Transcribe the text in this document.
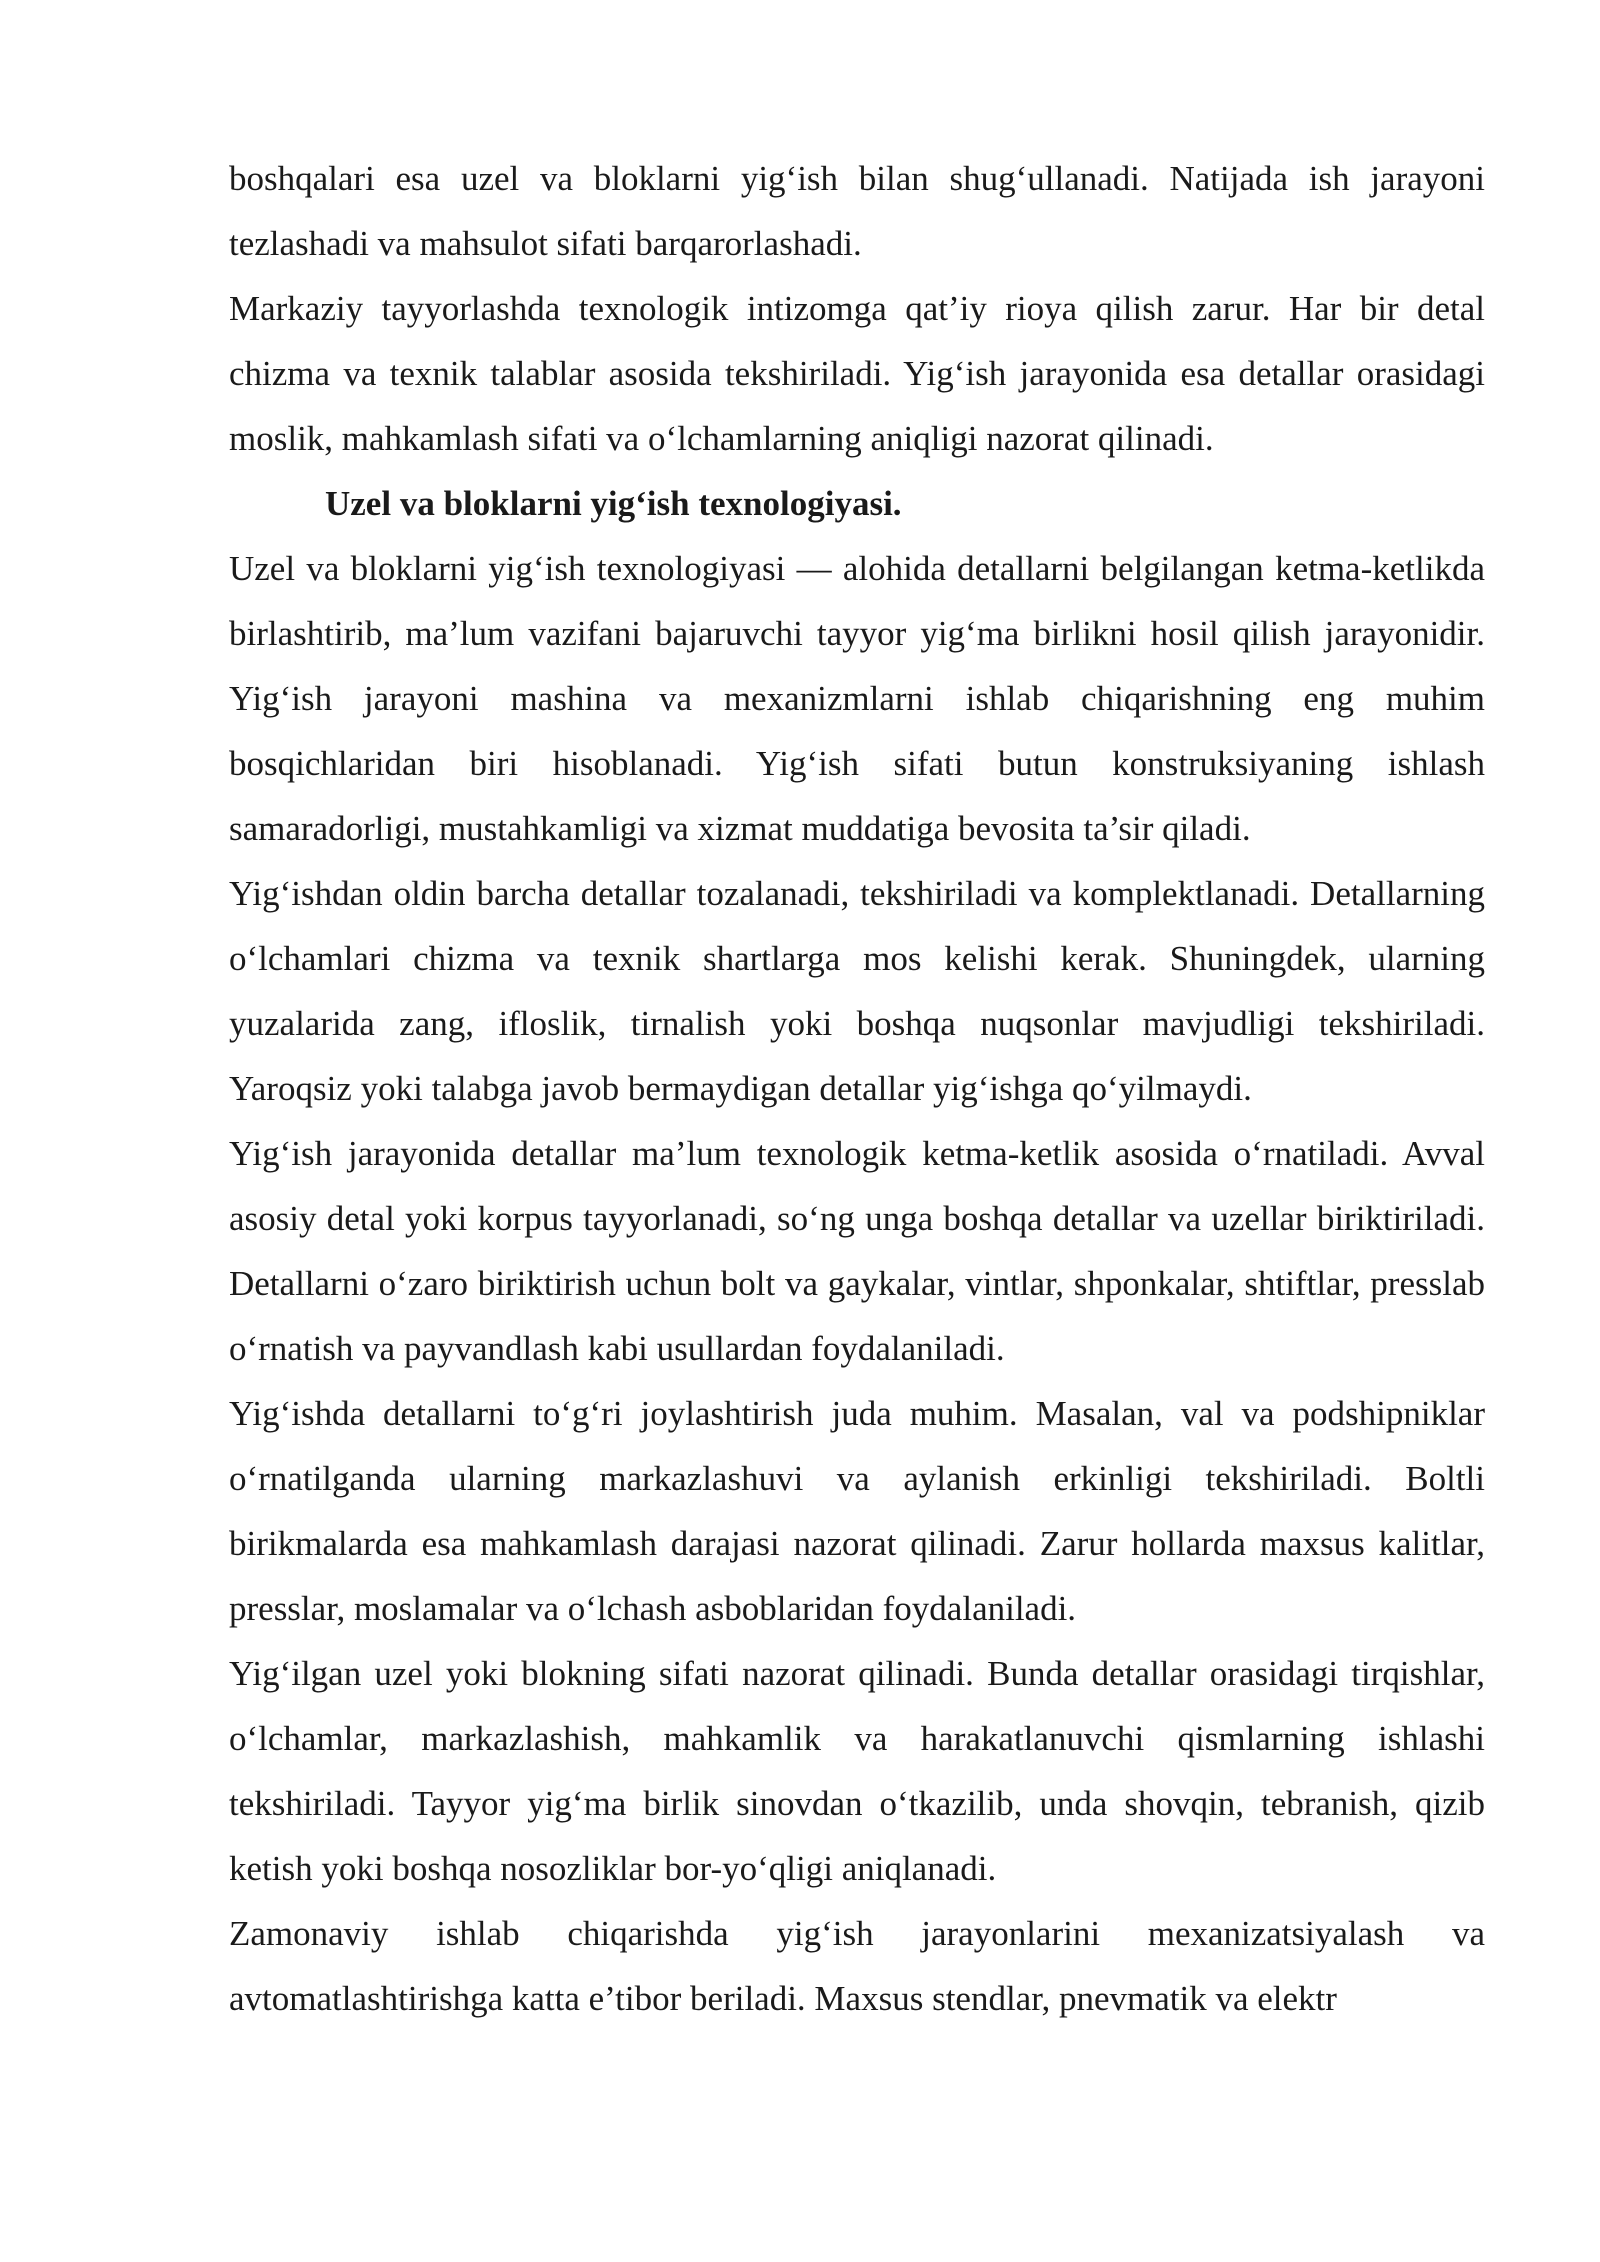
boshqalari esa uzel va bloklarni yig‘ish bilan shug‘ullanadi. Natijada ish jarayoni tezlashadi va mahsulot sifati barqarorlashadi.

Markaziy tayyorlashda texnologik intizomga qat’iy rioya qilish zarur. Har bir detal chizma va texnik talablar asosida tekshiriladi. Yig‘ish jarayonida esa detallar orasidagi moslik, mahkamlash sifati va o‘lchamlarning aniqligi nazorat qilinadi.

Uzel va bloklarni yig‘ish texnologiyasi.

Uzel va bloklarni yig‘ish texnologiyasi — alohida detallarni belgilangan ketma-ketlikda birlashtirib, ma’lum vazifani bajaruvchi tayyor yig‘ma birlikni hosil qilish jarayonidir. Yig‘ish jarayoni mashina va mexanizmlarni ishlab chiqarishning eng muhim bosqichlaridan biri hisoblanadi. Yig‘ish sifati butun konstruksiyaning ishlash samaradorligi, mustahkamligi va xizmat muddatiga bevosita ta’sir qiladi.

Yig‘ishdan oldin barcha detallar tozalanadi, tekshiriladi va komplektlanadi. Detallarning o‘lchamlari chizma va texnik shartlarga mos kelishi kerak. Shuningdek, ularning yuzalarida zang, ifloslik, tirnalish yoki boshqa nuqsonlar mavjudligi tekshiriladi. Yaroqsiz yoki talabga javob bermaydigan detallar yig‘ishga qo‘yilmaydi.

Yig‘ish jarayonida detallar ma’lum texnologik ketma-ketlik asosida o‘rnatiladi. Avval asosiy detal yoki korpus tayyorlanadi, so‘ng unga boshqa detallar va uzellar biriktiriladi. Detallarni o‘zaro biriktirish uchun bolt va gaykalar, vintlar, shponkalar, shtiftlar, presslab o‘rnatish va payvandlash kabi usullardan foydalaniladi.

Yig‘ishda detallarni to‘g‘ri joylashtirish juda muhim. Masalan, val va podshipniklar o‘rnatilganda ularning markazlashuvi va aylanish erkinligi tekshiriladi. Boltli birikmalarda esa mahkamlash darajasi nazorat qilinadi. Zarur hollarda maxsus kalitlar, presslar, moslamalar va o‘lchash asboblaridan foydalaniladi.

Yig‘ilgan uzel yoki blokning sifati nazorat qilinadi. Bunda detallar orasidagi tirqishlar, o‘lchamlar, markazlashish, mahkamlik va harakatlanuvchi qismlarning ishlashi tekshiriladi. Tayyor yig‘ma birlik sinovdan o‘tkazilib, unda shovqin, tebranish, qizib ketish yoki boshqa nosozliklar bor-yo‘qligi aniqlanadi.

Zamonaviy ishlab chiqarishda yig‘ish jarayonlarini mexanizatsiyalash va avtomatlashtirishga katta e’tibor beriladi. Maxsus stendlar, pnevmatik va elektr
